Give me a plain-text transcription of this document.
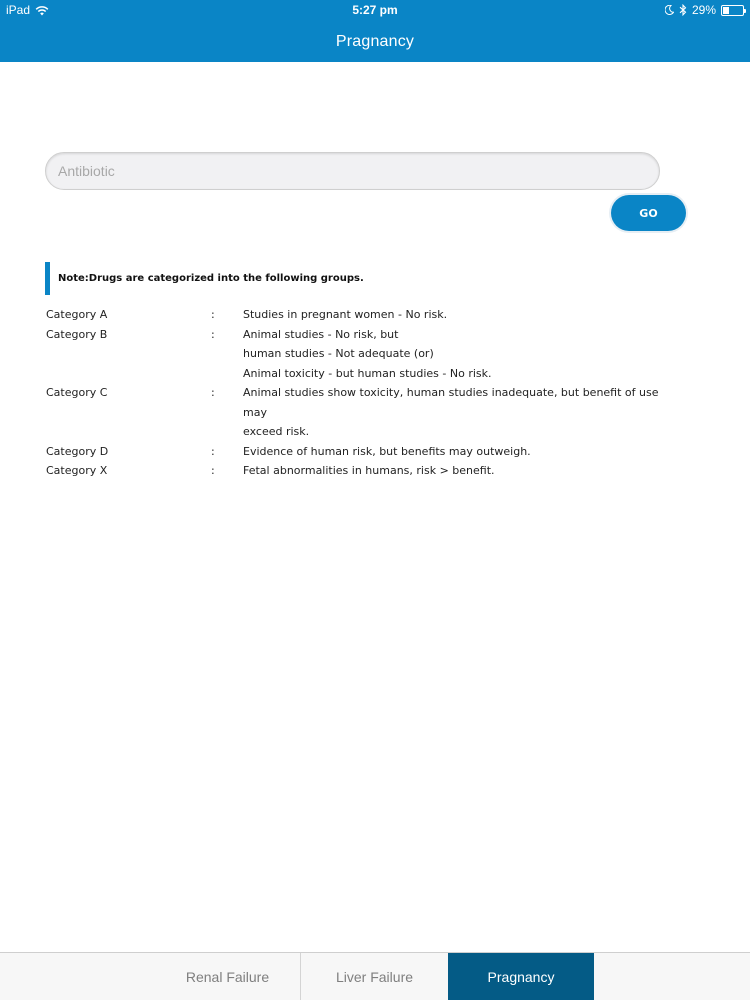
iPad	5:27 pm	29%
Pragnancy
Antibiotic
GO
Note:Drugs are categorized into the following groups.
Category A	:	Studies in pregnant women - No risk.
Category B	:	Animal studies - No risk, but
human studies - Not adequate (or)
Animal toxicity - but human studies - No risk.
Category C	:	Animal studies show toxicity, human studies inadequate, but benefit of use may
exceed risk.
Category D	:	Evidence of human risk, but benefits may outweigh.
Category X	:	Fetal abnormalities in humans, risk > benefit.
Renal Failure	Liver Failure	Pragnancy
